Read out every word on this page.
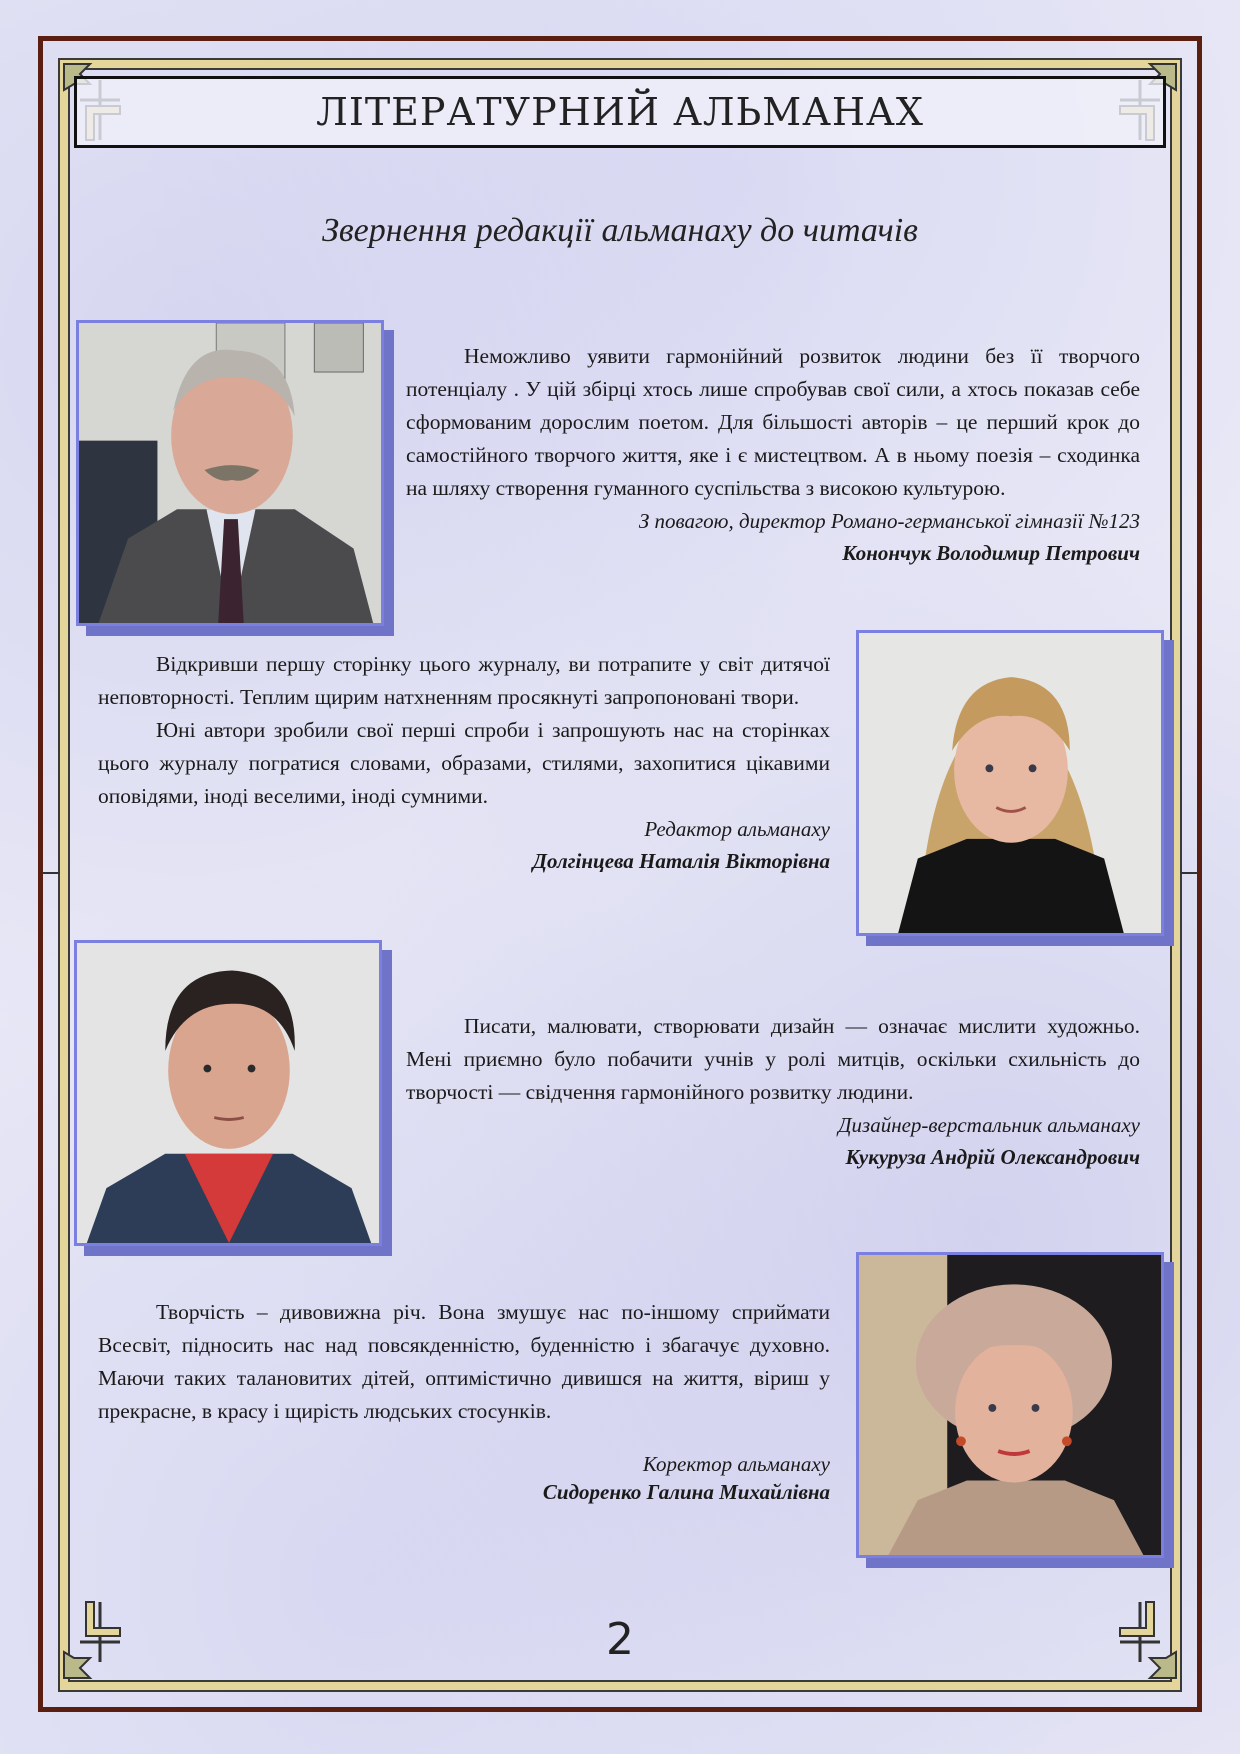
ЛІТЕРАТУРНИЙ АЛЬМАНАХ
Звернення редакції альманаху до читачів

Неможливо уявити гармонійний розвиток людини без її творчого потенціалу . У цій збірці хтось лише спробував свої сили, а хтось показав себе сформованим дорослим поетом. Для більшості авторів – це перший крок до самостійного творчого життя, яке і є мистецтвом. А в ньому поезія – сходинка на шляху створення гуманного суспільства з високою культурою.

З повагою, директор Романо-германської гімназії №123
Конончук Володимир Петрович

Відкривши першу сторінку цього журналу, ви потрапите у світ дитячої неповторності. Теплим щирим натхненням просякнуті запропоновані твори.

Юні автори зробили свої перші спроби і запрошують нас на сторінках цього журналу погратися словами, образами, стилями, захопитися цікавими оповідями, іноді веселими, іноді сумними.

Редактор альманаху
Долгінцева Наталія Вікторівна

Писати, малювати, створювати дизайн — означає мислити художньо. Мені приємно було побачити учнів у ролі митців, оскільки схильність до творчості — свідчення гармонійного розвитку людини.

Дизайнер-верстальник альманаху
Кукуруза Андрій Олександрович

Творчість – дивовижна річ. Вона змушує нас по-іншому сприймати Всесвіт, підносить нас над повсякденністю, буденністю і збагачує духовно. Маючи таких талановитих дітей, оптимістично дивишся на життя, віриш у прекрасне, в красу і щирість людських стосунків.

Коректор альманаху
Сидоренко Галина Михайлівна
2
